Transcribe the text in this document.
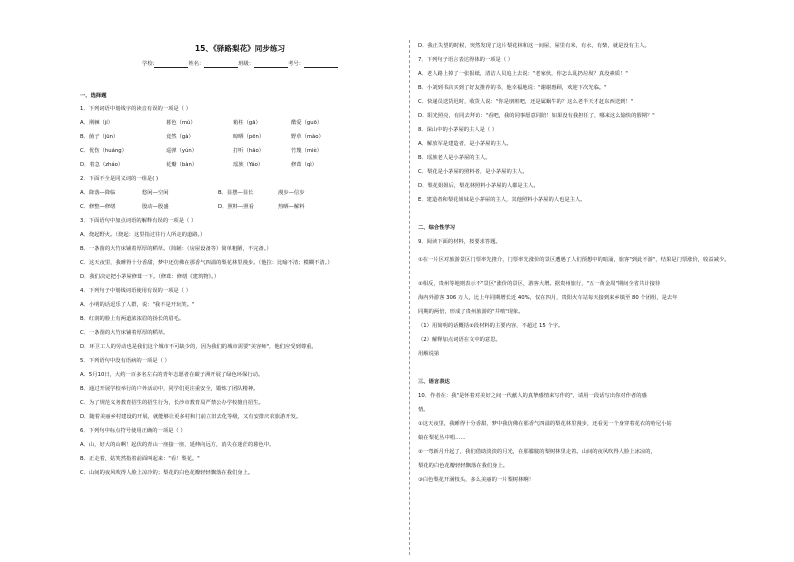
15、《驿路梨花》同步练习
学校:	姓名：	班级：	考号：
一、选择题
1．下列词语中划线字的读音有误的一项是（ ）
A．荆棘（jí）	暮色（mù）	箱柱（gā）	酷爱（guō）
B．菌子（jūn）	竟然（gà）	晾晒（pēn）	野草（mào）
C．优伤（huáng）	巡弹（yún）	打听（hāo）	竹篾（miè）
D．着急（zháo）	花瓣（bàn）	瑶族（Yáo）	修葺（qì）
2．下面不全是同义词的一组是( )
A．降落—降临	悠闲—空闲	B．显摆—显长	漫步—信步
C．修整—修缮	殷动—殷盛	D．照料—照看	热晒—解料
3．下面语句中加点词语的解释有误的一项是（ ）
A．烧起野火。（烧起：这里指过往行人所走的道路。）
B．一条凿的大竹床铺着厚厚的稻草。（简陋：（房屋设备等）简单粗陋，不完备。）
C．这天夜里，我睡得十分香甜，梦中还仿佛在那香气四溢的梨花林里漫步。（他拉：比喻不清；模糊不清。）
D．我们决定把小茅屋修葺一下。（修葺：修缮《建筑物》。）
4．下列句子中划线词语使用有误的一项是（ ）
A．小明的话逗乐了人群，说："我不是开玩笑。"
B．红润的脸上有两道浓浓眉的扬长的眉毛。
C．一条凿的大竹床铺着厚厚的稻草。
D．环卫工人的劳动也是我们这个城市不可缺少的，因为我们的城市需要"美容师"，他们应受到尊重。
5．下列语句中没有语病的一项是（ ）
A．5月10日，大约一百多名左右的青年志愿者在碳子洲开展了绿色环保行动。
B．通过开展学校举行的户外活动中，同学们更注重安全，锻炼了团队精神。
C．为了规范义务教育招生的招生行为，长沙市教育局严禁公办学校擅自招生。
D．随着美丽乡村建设的开展，就能够让更多村和门前立旧去化等级，又有安排庆农旅游开发。
6．下列句中标点符号使用正确的一项是（ ）
A．山，好大的山啊！起伏的青山一座接一座，延伸向远方，消失在迷茫的暮色中。
B．正走着，姑笑然指着前面叫起来："看！梨花。"
C．山间的夜风吹得人脸上凉冷的；梨花的白色花瓣轻轻飘落在我们身上。
D．我正失望的时候，突然发现了这片梨花林和这一间屋，屋里有米，有水，有柴，就是没有主人。
7．下列句子语言表达得体的一项是（ ）
A．老人路上掉了一张报纸，清洁人员追上去说："老家伙，你怎么乱扔垃圾？真没素质！"
B．小刘到书店买到了好友推荐的书，他幸福地说："谢谢惠顾，欢迎下次光临。"
C．快递员送货迟时，收货人说："你是朋班吧，还是属蜗牛的？这么老半天才赶东西送到！"
D．阳光照亮，有同去拜访："看吧，我的同事愿意同陪！如果没有我担任了，哪来这么愉快的假期？"
8．深山中的小茅屋的主人是（ ）
A．解放军是建造者，是小茅屋的主人。
B．瑶族老人是小茅屋的主人。
C．梨花是小茅屋的照料者，是小茅屋的主人。
D．梨花姐姐后，梨花林照料小茅屋的人都是主人。
E．建造者和梨花姐妹是小茅屋的主人，其他照料小茅屋的人也是主人。
二、综合性学习
9．阅读下面的材料，按要求答题。
①在一片区对旅游景区门票率先推介，门票率先涨价的景区遭遇了人们预想中的暗涌，旅客"到此不游"，结果是门票涨价，收益减少。
②相反，贵州等地则表示不"景区"涨价的景区，游客大增。据贵州旅行，"五一黄金周"期间全省共计接待
海内外游客 306 万人，比上年同期增长近 40%，仅在四月，贵阳火车站每天接到来乡镇至 80 个团组，是去年
同期的两倍，形成了贵州旅游的"井喷"现象。
（1）用简明的话概括②段材料的主要内容，不超过 15 个字。
（2）解释加点词语在文中的意思。
用解说第
三、语言表达
10．作者在：我"是怀着对美好之间一代献人的真挚感情来写作的"，请用一段话写出你对作者的感
情。
①这天夜里，我睡得十分香甜，梦中我仿佛在那香气四溢的梨花林里漫步，还看见一个身穿着花衣的哈尼小姑
娘在梨花丛中唱……
②一弯新月升起了，我们借助淡淡的月光，在那朦胧的梨树林里走着。山间的夜风吹得人脸上冰凉的，
梨花的白色花瓣轻轻飘落在我们身上。
③白色梨花开满枝头，多么美丽的一片梨树林啊！
